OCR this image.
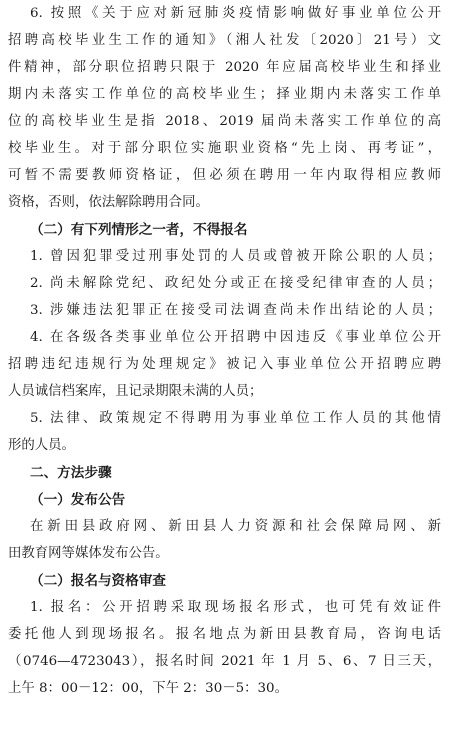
6. 按照《关于应对新冠肺炎疫情影响做好事业单位公开
招聘高校毕业生工作的通知》（湘人社发〔2020〕21号）文
件精神，部分职位招聘只限于 2020 年应届高校毕业生和择业
期内未落实工作单位的高校毕业生；择业期内未落实工作单
位的高校毕业生是指 2018、2019 届尚未落实工作单位的高
校毕业生。对于部分职位实施职业资格“先上岗、再考证”，
可暂不需要教师资格证，但必须在聘用一年内取得相应教师
资格，否则，依法解除聘用合同。
（二）有下列情形之一者，不得报名
1. 曾因犯罪受过刑事处罚的人员或曾被开除公职的人员；
2. 尚未解除党纪、政纪处分或正在接受纪律审查的人员；
3. 涉嫌违法犯罪正在接受司法调查尚未作出结论的人员；
4. 在各级各类事业单位公开招聘中因违反《事业单位公开
招聘违纪违规行为处理规定》被记入事业单位公开招聘应聘
人员诚信档案库，且记录期限未满的人员；
5. 法律、政策规定不得聘用为事业单位工作人员的其他情
形的人员。
二、方法步骤
（一）发布公告
在新田县政府网、新田县人力资源和社会保障局网、新
田教育网等媒体发布公告。
（二）报名与资格审查
1. 报名：公开招聘采取现场报名形式，也可凭有效证件
委托他人到现场报名。报名地点为新田县教育局，咨询电话
（0746—4723043），报名时间 2021 年 1 月 5、6、7 日三天，
上午 8：00－12：00，下午 2：30－5：30。
